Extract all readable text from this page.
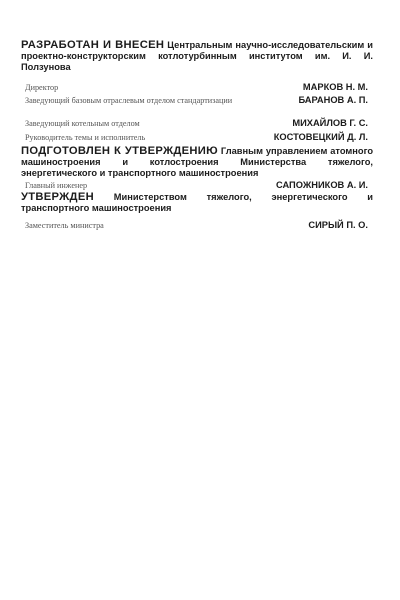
РАЗРАБОТАН И ВНЕСЕН Центральным научно-исследовательским и проектно-конструкторским котлотурбинным институтом им. И. И. Ползунова

Директор	МАРКОВ Н. М.
Заведующий базовым отраслевым отделом стандартизации	БАРАНОВ А. П.
Заведующий котельным отделом	МИХАЙЛОВ Г. С.
Руководитель темы и исполнитель	КОСТОВЕЦКИЙ Д. Л.

ПОДГОТОВЛЕН К УТВЕРЖДЕНИЮ Главным управлением атомного машиностроения и котлостроения Министерства тяжелого, энергетического и транспортного машиностроения

Главный инженер	САПОЖНИКОВ А. И.

УТВЕРЖДЕН Министерством тяжелого, энергетического и транспортного машиностроения

Заместитель министра	СИРЫЙ П. О.
